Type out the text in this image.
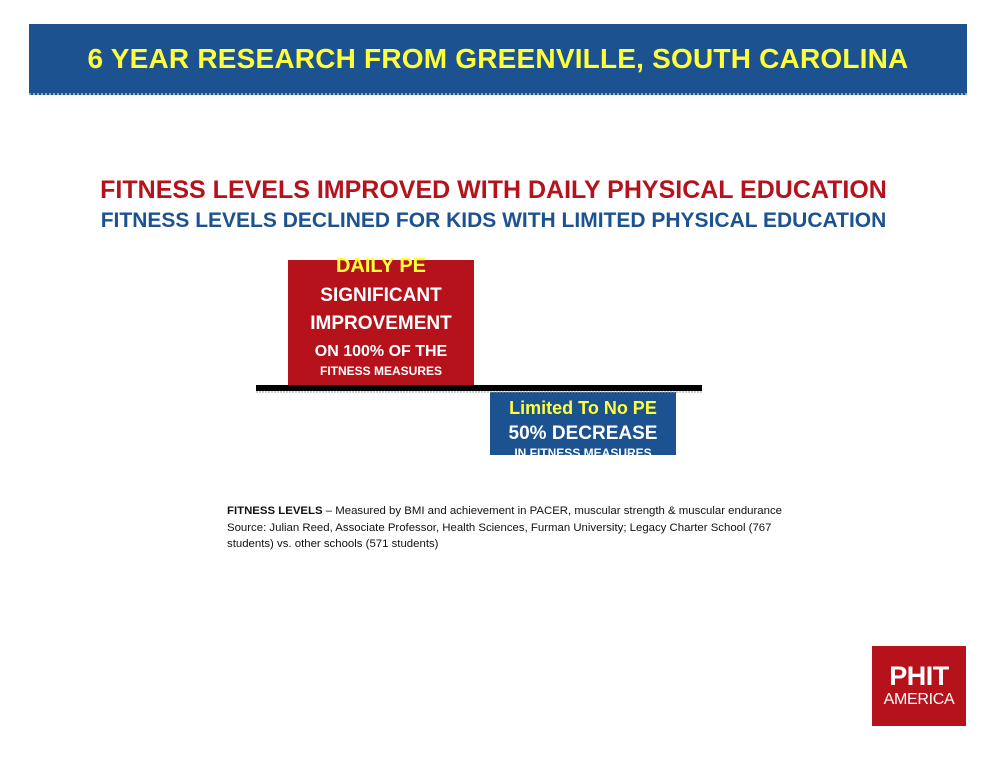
6 YEAR RESEARCH FROM GREENVILLE, SOUTH CAROLINA
FITNESS LEVELS IMPROVED WITH DAILY PHYSICAL EDUCATION
FITNESS LEVELS DECLINED FOR KIDS WITH LIMITED PHYSICAL EDUCATION
DAILY PE
SIGNIFICANT
IMPROVEMENT
ON 100% OF THE
FITNESS MEASURES
Limited To No PE
50% DECREASE
IN FITNESS MEASURES
FITNESS LEVELS – Measured by BMI and achievement in PACER, muscular strength & muscular endurance
Source: Julian Reed, Associate Professor, Health Sciences, Furman University; Legacy Charter School (767 students) vs. other schools (571 students)
PHIT
AMERICA
